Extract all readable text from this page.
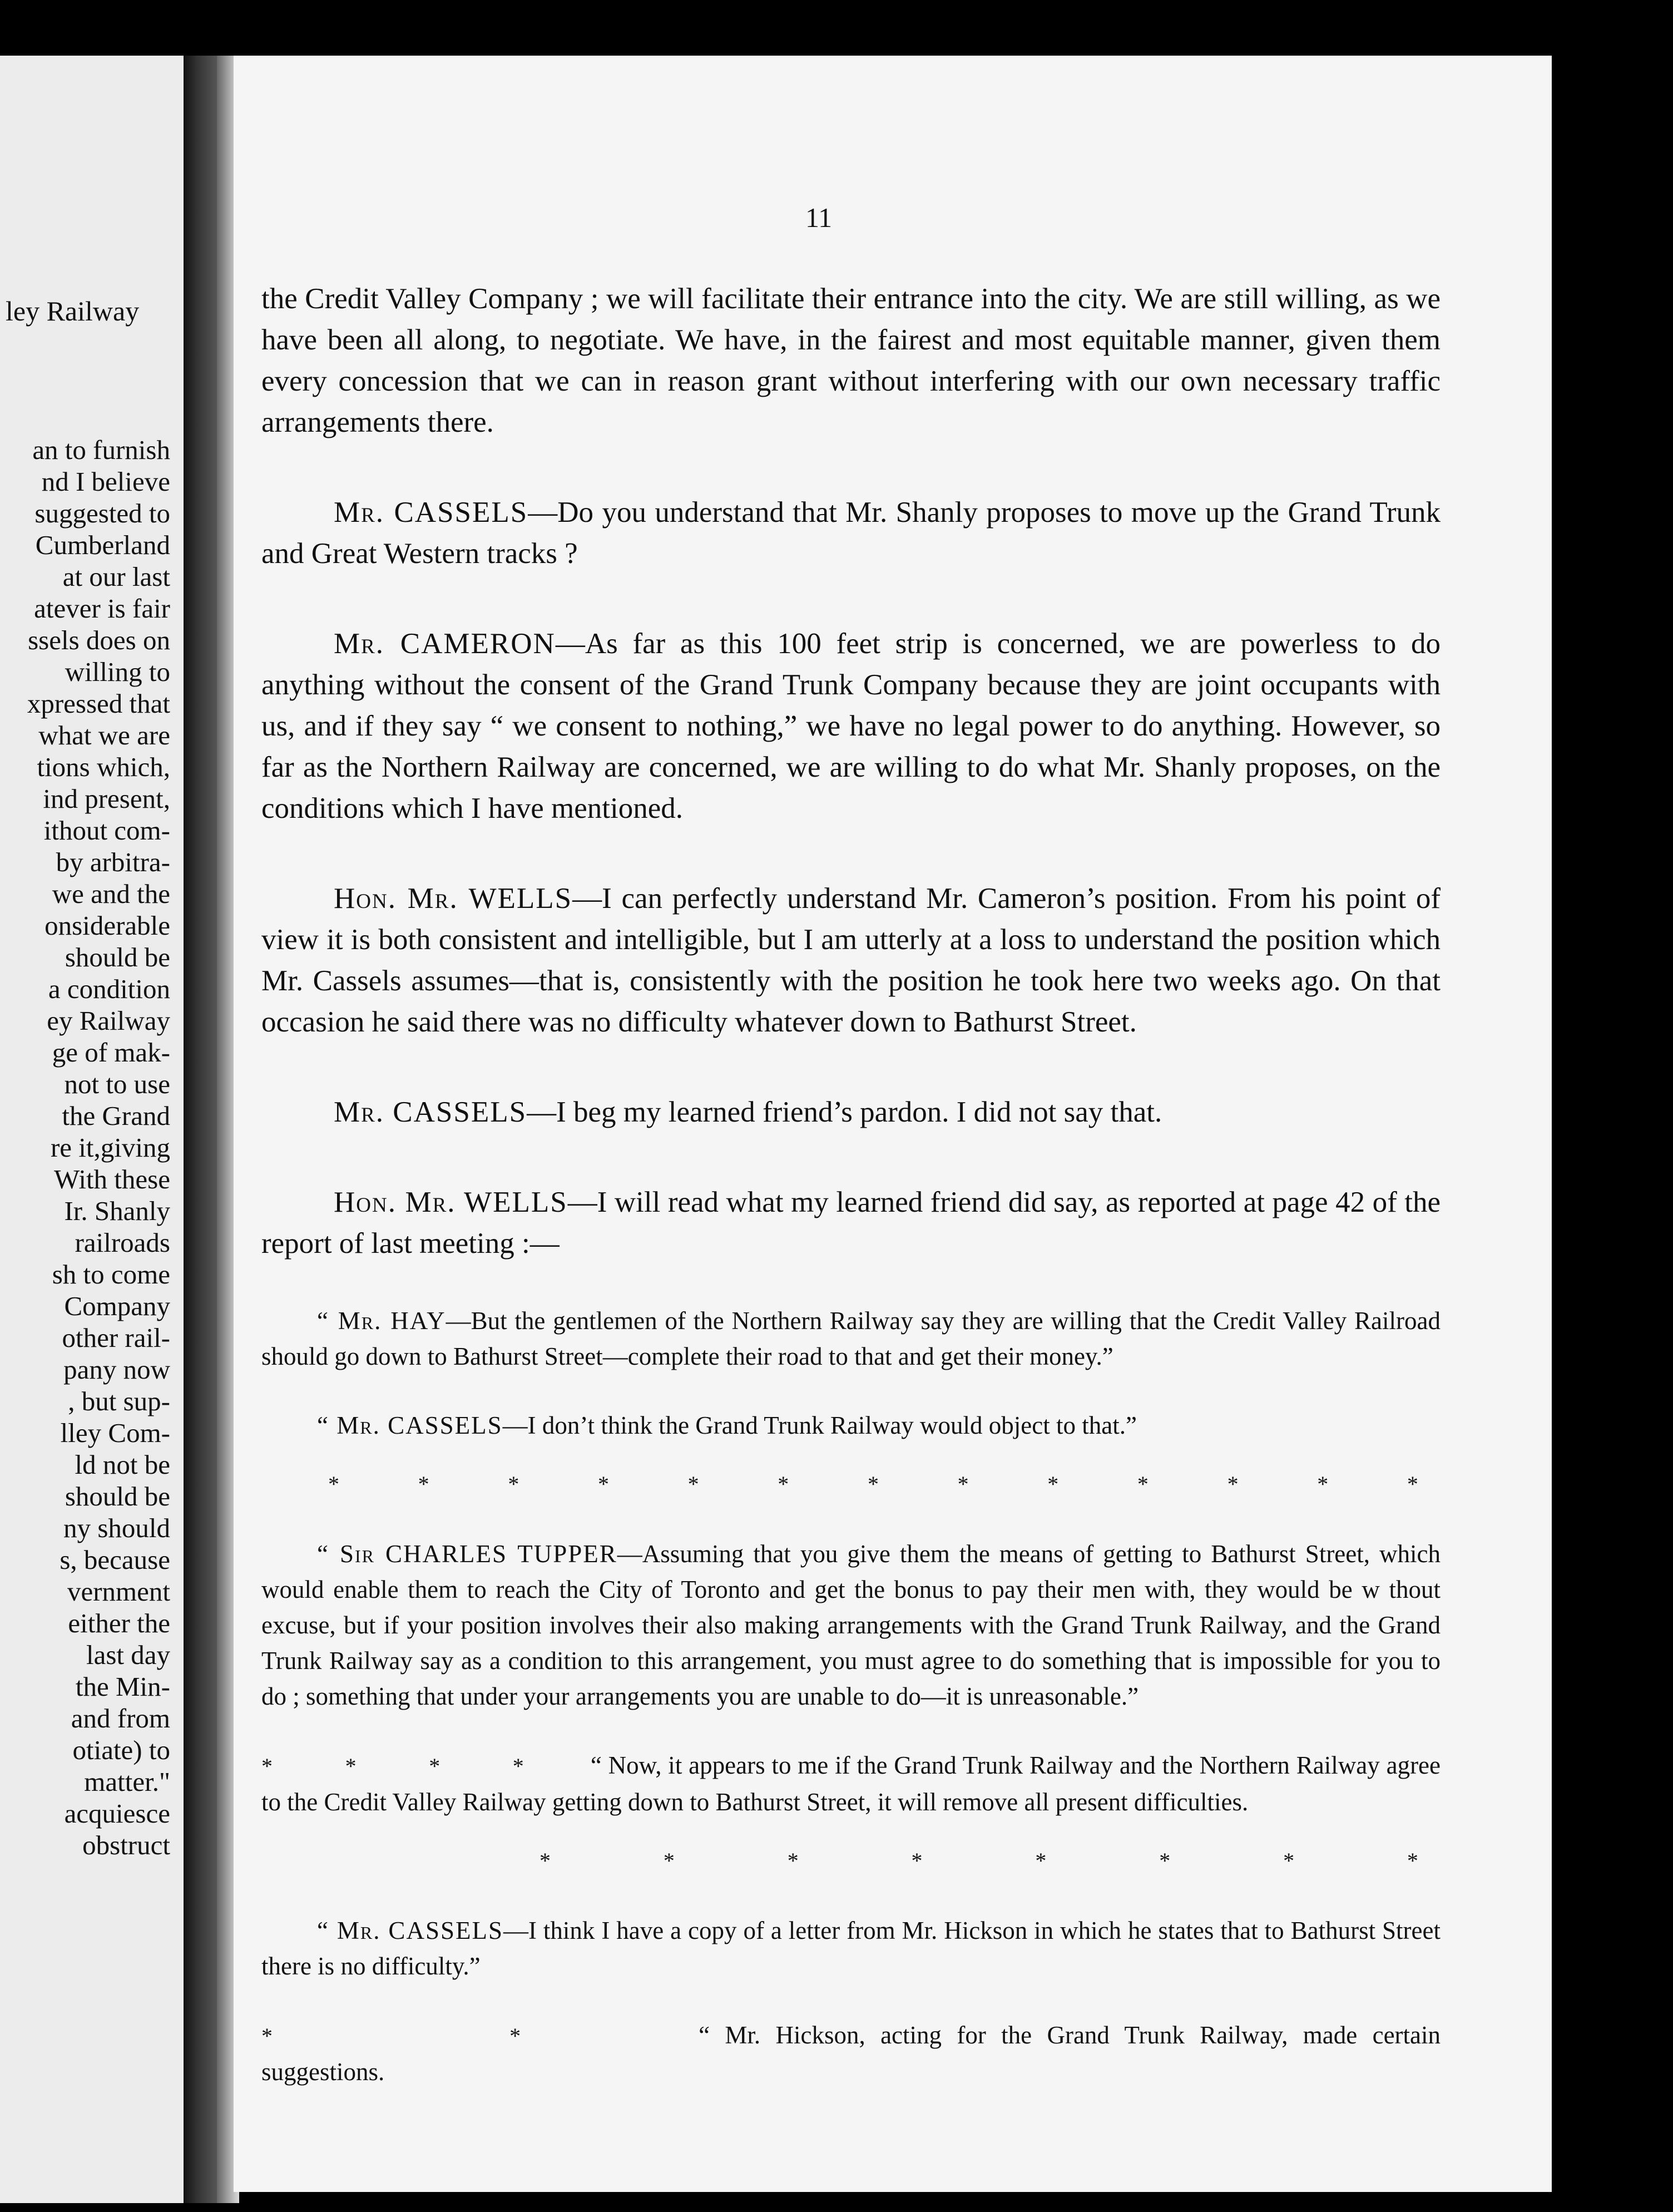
ley Railway
an to furnish
nd I believe
suggested to
Cumberland
at our last
atever is fair
ssels does on
willing to
xpressed that
what we are
tions which,
ind present,
ithout com-
by arbitra-
we and the
onsiderable
should be
a condition
ey Railway
ge of mak-
not to use
the Grand
re it,giving
With these
Ir. Shanly
railroads
sh to come
Company
other rail-
pany now
, but sup-
lley Com-
ld not be
should be
ny should
s, because
vernment
either the
last day
the Min-
and from
otiate) to
matter."
acquiesce
obstruct
11

the Credit Valley Company ; we will facilitate their entrance into the city. We are still willing, as we have been all along, to negotiate. We have, in the fairest and most equitable manner, given them every concession that we can in reason grant without interfering with our own necessary traffic arrangements there.

Mr. CASSELS—Do you understand that Mr. Shanly proposes to move up the Grand Trunk and Great Western tracks ?

Mr. CAMERON—As far as this 100 feet strip is concerned, we are powerless to do anything without the consent of the Grand Trunk Company because they are joint occupants with us, and if they say “ we consent to nothing,” we have no legal power to do anything. However, so far as the Northern Railway are concerned, we are willing to do what Mr. Shanly proposes, on the conditions which I have mentioned.

Hon. Mr. WELLS—I can perfectly understand Mr. Cameron’s position. From his point of view it is both consistent and intelligible, but I am utterly at a loss to understand the position which Mr. Cassels assumes—that is, consistently with the position he took here two weeks ago. On that occasion he said there was no difficulty whatever down to Bathurst Street.

Mr. CASSELS—I beg my learned friend’s pardon. I did not say that.

Hon. Mr. WELLS—I will read what my learned friend did say, as reported at page 42 of the report of last meeting :—

“ Mr. HAY—But the gentlemen of the Northern Railway say they are willing that the Credit Valley Railroad should go down to Bathurst Street—complete their road to that and get their money.”

“ Mr. CASSELS—I don’t think the Grand Trunk Railway would object to that.”

*	*	*	*	*	*	*	*	*	*	*	*	*

“ Sir CHARLES TUPPER—Assuming that you give them the means of getting to Bathurst Street, which would enable them to reach the City of Toronto and get the bonus to pay their men with, they would be w thout excuse, but if your position involves their also making arrangements with the Grand Trunk Railway, and the Grand Trunk Railway say as a condition to this arrangement, you must agree to do something that is impossible for you to do ; something that under your arrangements you are unable to do—it is unreasonable.”

* * * * “ Now, it appears to me if the Grand Trunk Railway and the Northern Railway agree to the Credit Valley Railway getting down to Bathurst Street, it will remove all present difficulties.

*	*	*	*	*	*	*	*

“ Mr. CASSELS—I think I have a copy of a letter from Mr. Hickson in which he states that to Bathurst Street there is no difficulty.”

* *	“ Mr. Hickson, acting for the Grand Trunk Railway, made certain suggestions.
